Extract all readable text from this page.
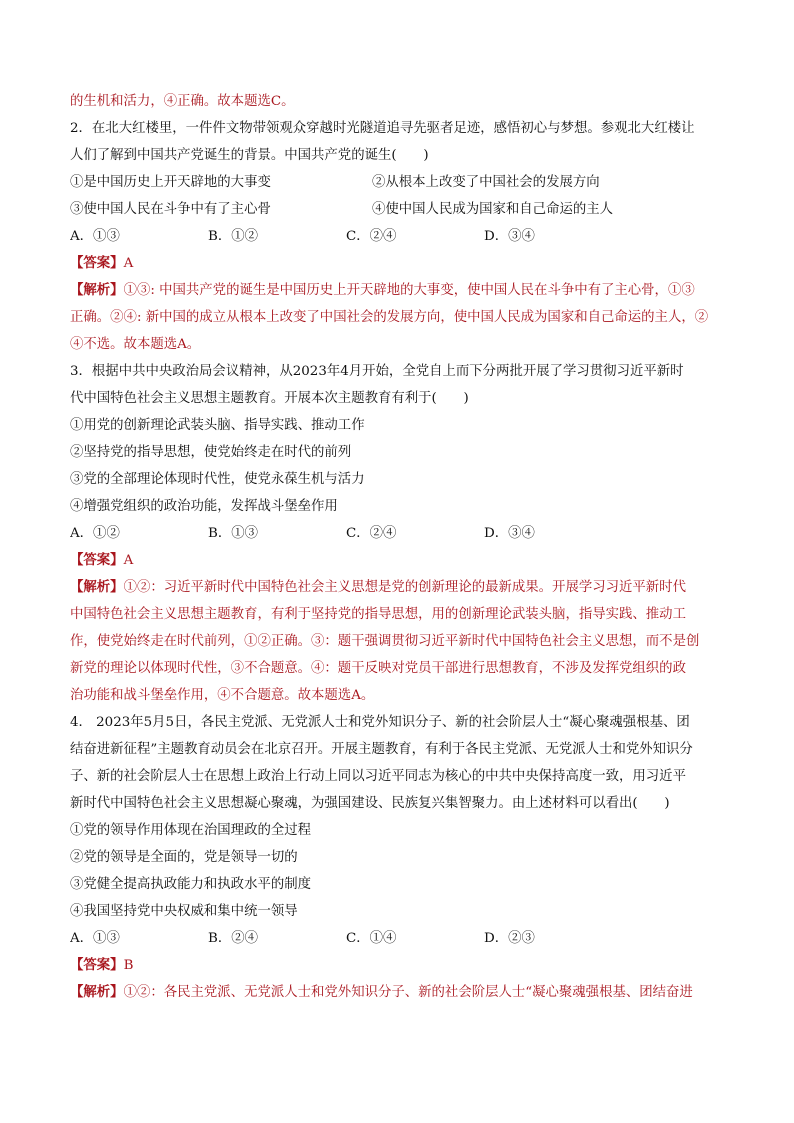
的生机和活力，④正确。故本题选C。
2．在北大红楼里，一件件文物带领观众穿越时光隧道追寻先驱者足迹，感悟初心与梦想。参观北大红楼让
人们了解到中国共产党诞生的背景。中国共产党的诞生(　　)
①是中国历史上开天辟地的大事变	②从根本上改变了中国社会的发展方向
③使中国人民在斗争中有了主心骨	④使中国人民成为国家和自己命运的主人
A．①③	B．①②	C．②④	D．③④
【答案】A
【解析】①③: 中国共产党的诞生是中国历史上开天辟地的大事变，使中国人民在斗争中有了主心骨，①③
正确。②④: 新中国的成立从根本上改变了中国社会的发展方向，使中国人民成为国家和自己命运的主人，②
④不选。故本题选A。
3．根据中共中央政治局会议精神，从2023年4月开始，全党自上而下分两批开展了学习贯彻习近平新时
代中国特色社会主义思想主题教育。开展本次主题教育有利于(　　)
①用党的创新理论武装头脑、指导实践、推动工作
②坚持党的指导思想，使党始终走在时代的前列
③党的全部理论体现时代性，使党永葆生机与活力
④增强党组织的政治功能，发挥战斗堡垒作用
A．①②	B．①③	C．②④	D．③④
【答案】A
【解析】①②：习近平新时代中国特色社会主义思想是党的创新理论的最新成果。开展学习习近平新时代
中国特色社会主义思想主题教育，有利于坚持党的指导思想，用的创新理论武装头脑，指导实践、推动工
作，使党始终走在时代前列，①②正确。③：题干强调贯彻习近平新时代中国特色社会主义思想，而不是创
新党的理论以体现时代性，③不合题意。④：题干反映对党员干部进行思想教育，不涉及发挥党组织的政
治功能和战斗堡垒作用，④不合题意。故本题选A。
4． 2023年5月5日，各民主党派、无党派人士和党外知识分子、新的社会阶层人士“凝心聚魂强根基、团
结奋进新征程”主题教育动员会在北京召开。开展主题教育，有利于各民主党派、无党派人士和党外知识分
子、新的社会阶层人士在思想上政治上行动上同以习近平同志为核心的中共中央保持高度一致，用习近平
新时代中国特色社会主义思想凝心聚魂，为强国建设、民族复兴集智聚力。由上述材料可以看出(　　)
①党的领导作用体现在治国理政的全过程
②党的领导是全面的，党是领导一切的
③党健全提高执政能力和执政水平的制度
④我国坚持党中央权威和集中统一领导
A．①③	B．②④	C．①④	D．②③
【答案】B
【解析】①②：各民主党派、无党派人士和党外知识分子、新的社会阶层人士“凝心聚魂强根基、团结奋进
